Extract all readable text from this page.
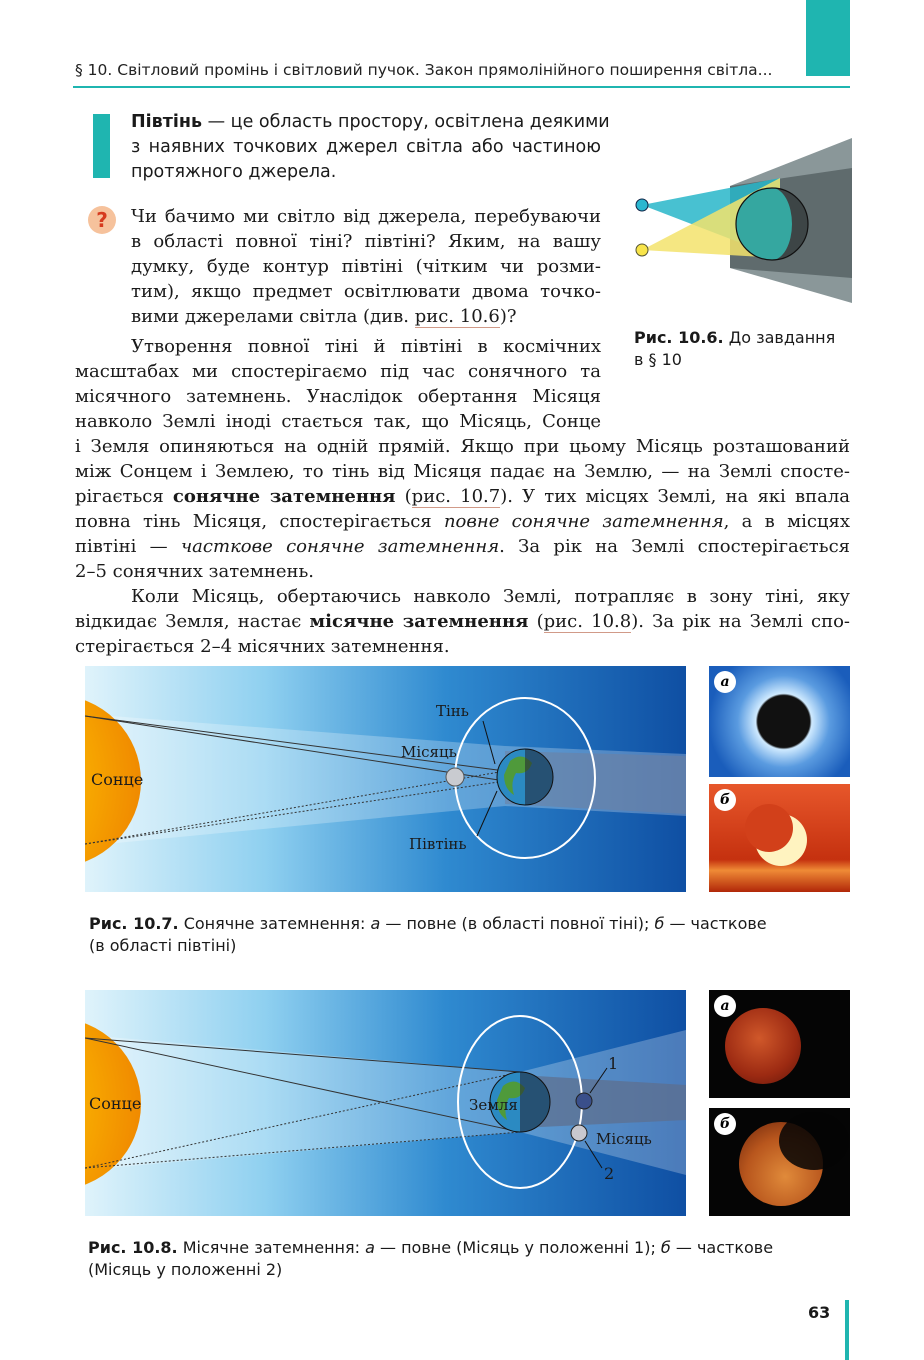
§ 10. Світловий промінь і світловий пучок. Закон прямолінійного поширення світла...
Півтінь — це область простору, освітлена деякими
з наявних точкових джерел світла або частиною
протяжного джерела.
? Чи бачимо ми світло від джерела, перебуваючи
в області повної тіні? півтіні? Яким, на вашу
думку, буде контур півтіні (чітким чи розми-
тим), якщо предмет освітлювати двома точко-
вими джерелами світла (див. рис. 10.6)?
Рис. 10.6. До завдання
в § 10
Утворення повної тіні й півтіні в космічних
масштабах ми спостерігаємо під час сонячного та
місячного затемнень. Унаслідок обертання Місяця
навколо Землі іноді стається так, що Місяць, Сонце
і Земля опиняються на одній прямій. Якщо при цьому Місяць розташований
між Сонцем і Землею, то тінь від Місяця падає на Землю, — на Землі спосте-
рігається сонячне затемнення (рис. 10.7). У тих місцях Землі, на які впала
повна тінь Місяця, спостерігається повне сонячне затемнення, а в місцях
півтіні — часткове сонячне затемнення. За рік на Землі спостерігається
2–5 сонячних затемнень.
Коли Місяць, обертаючись навколо Землі, потрапляє в зону тіні, яку
відкидає Земля, настає місячне затемнення (рис. 10.8). За рік на Землі спо-
стерігається 2–4 місячних затемнення.
Сонце
Тінь
Місяць
Півтінь
а
б
Рис. 10.7. Сонячне затемнення: а — повне (в області повної тіні); б — часткове
(в області півтіні)
Сонце	Земля
Місяць
1
2
а
б
Рис. 10.8. Місячне затемнення: а — повне (Місяць у положенні 1); б — часткове
(Місяць у положенні 2)
63
